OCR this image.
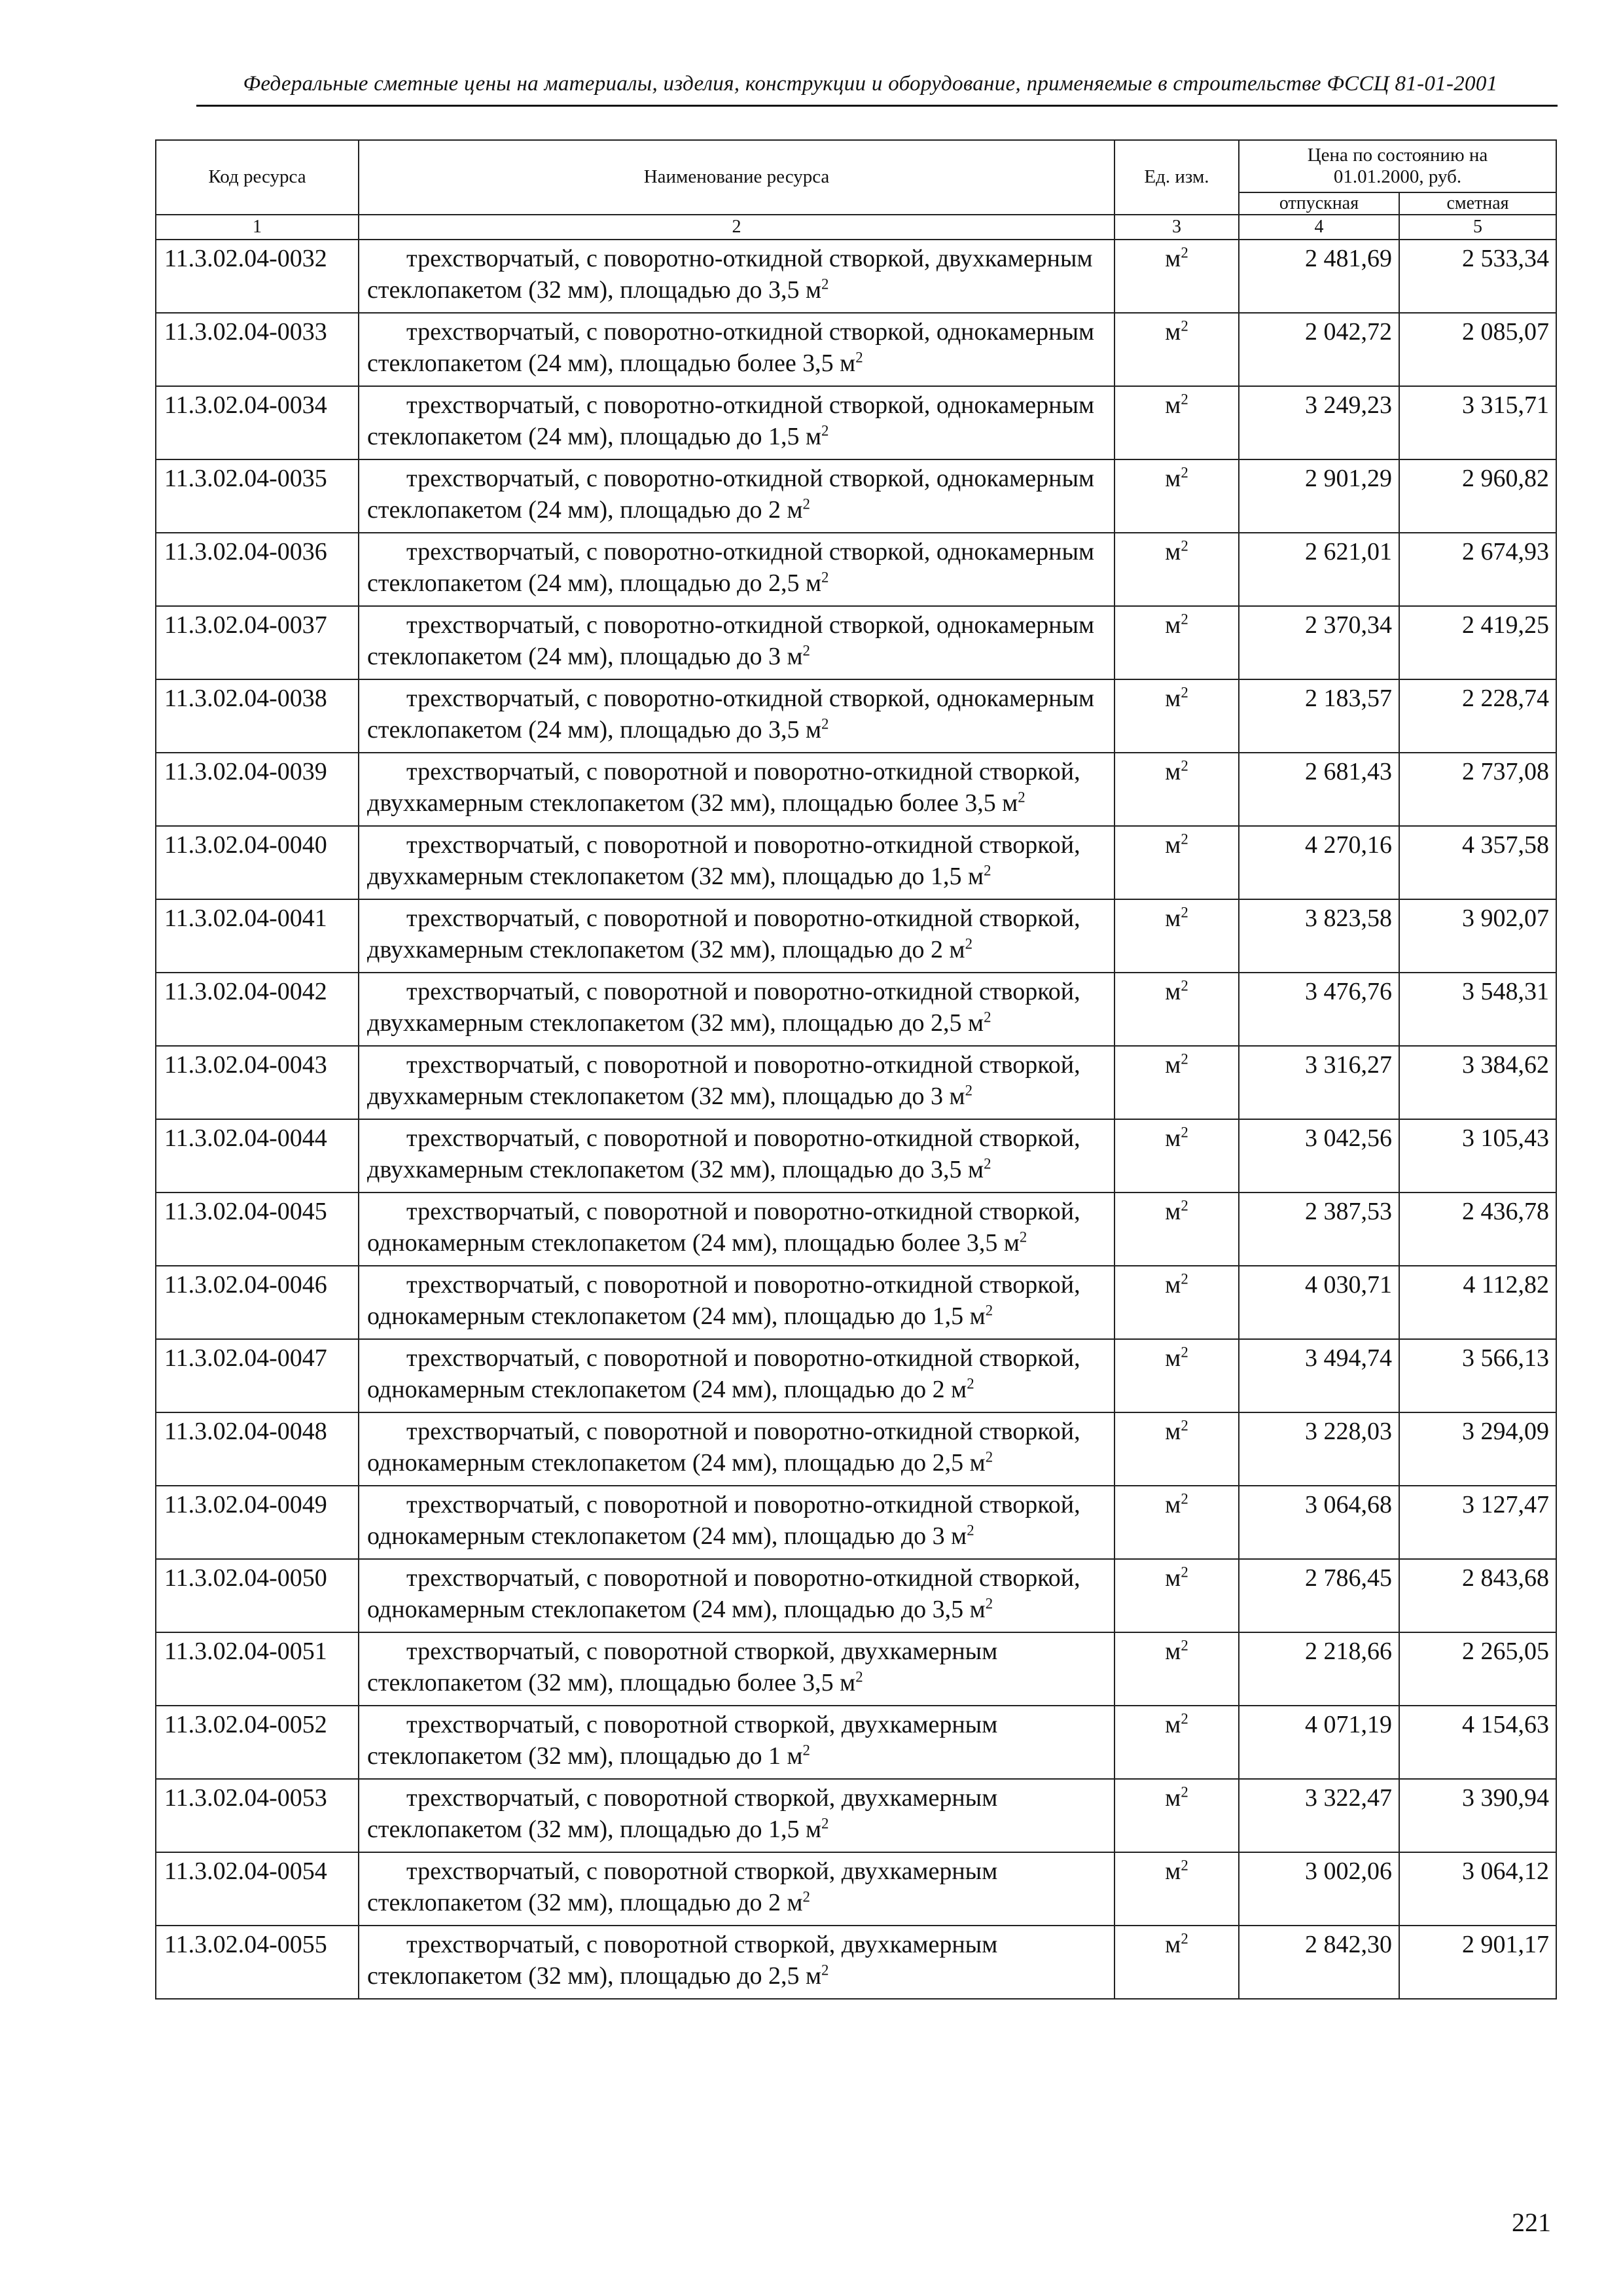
Федеральные сметные цены на материалы, изделия, конструкции и оборудование, применяемые в строительстве ФССЦ 81-01-2001
Код ресурса	Наименование ресурса	Ед. изм.	Цена по состоянию на 01.01.2000, руб.	
			отпускная	сметная
1	2	3	4	5
11.3.02.04-0032	трехстворчатый, с поворотно-откидной створкой, двухкамерным стеклопакетом (32 мм), площадью до 3,5 $м^2$	$м^2$	2 481,69	2 533,34
11.3.02.04-0033	трехстворчатый, с поворотно-откидной створкой, однокамерным стеклопакетом (24 мм), площадью более 3,5 $м^2$	$м^2$	2 042,72	2 085,07
11.3.02.04-0034	трехстворчатый, с поворотно-откидной створкой, однокамерным стеклопакетом (24 мм), площадью до 1,5 $м^2$	$м^2$	3 249,23	3 315,71
11.3.02.04-0035	трехстворчатый, с поворотно-откидной створкой, однокамерным стеклопакетом (24 мм), площадью до 2 $м^2$	$м^2$	2 901,29	2 960,82
11.3.02.04-0036	трехстворчатый, с поворотно-откидной створкой, однокамерным стеклопакетом (24 мм), площадью до 2,5 $м^2$	$м^2$	2 621,01	2 674,93
11.3.02.04-0037	трехстворчатый, с поворотно-откидной створкой, однокамерным стеклопакетом (24 мм), площадью до 3 $м^2$	$м^2$	2 370,34	2 419,25
11.3.02.04-0038	трехстворчатый, с поворотно-откидной створкой, однокамерным стеклопакетом (24 мм), площадью до 3,5 $м^2$	$м^2$	2 183,57	2 228,74
11.3.02.04-0039	трехстворчатый, с поворотной и поворотно-откидной створкой, двухкамерным стеклопакетом (32 мм), площадью более 3,5 $м^2$	$м^2$	2 681,43	2 737,08
11.3.02.04-0040	трехстворчатый, с поворотной и поворотно-откидной створкой, двухкамерным стеклопакетом (32 мм), площадью до 1,5 $м^2$	$м^2$	4 270,16	4 357,58
11.3.02.04-0041	трехстворчатый, с поворотной и поворотно-откидной створкой, двухкамерным стеклопакетом (32 мм), площадью до 2 $м^2$	$м^2$	3 823,58	3 902,07
11.3.02.04-0042	трехстворчатый, с поворотной и поворотно-откидной створкой, двухкамерным стеклопакетом (32 мм), площадью до 2,5 $м^2$	$м^2$	3 476,76	3 548,31
11.3.02.04-0043	трехстворчатый, с поворотной и поворотно-откидной створкой, двухкамерным стеклопакетом (32 мм), площадью до 3 $м^2$	$м^2$	3 316,27	3 384,62
11.3.02.04-0044	трехстворчатый, с поворотной и поворотно-откидной створкой, двухкамерным стеклопакетом (32 мм), площадью до 3,5 $м^2$	$м^2$	3 042,56	3 105,43
11.3.02.04-0045	трехстворчатый, с поворотной и поворотно-откидной створкой, однокамерным стеклопакетом (24 мм), площадью более 3,5 $м^2$	$м^2$	2 387,53	2 436,78
11.3.02.04-0046	трехстворчатый, с поворотной и поворотно-откидной створкой, однокамерным стеклопакетом (24 мм), площадью до 1,5 $м^2$	$м^2$	4 030,71	4 112,82
11.3.02.04-0047	трехстворчатый, с поворотной и поворотно-откидной створкой, однокамерным стеклопакетом (24 мм), площадью до 2 $м^2$	$м^2$	3 494,74	3 566,13
11.3.02.04-0048	трехстворчатый, с поворотной и поворотно-откидной створкой, однокамерным стеклопакетом (24 мм), площадью до 2,5 $м^2$	$м^2$	3 228,03	3 294,09
11.3.02.04-0049	трехстворчатый, с поворотной и поворотно-откидной створкой, однокамерным стеклопакетом (24 мм), площадью до 3 $м^2$	$м^2$	3 064,68	3 127,47
11.3.02.04-0050	трехстворчатый, с поворотной и поворотно-откидной створкой, однокамерным стеклопакетом (24 мм), площадью до 3,5 $м^2$	$м^2$	2 786,45	2 843,68
11.3.02.04-0051	трехстворчатый, с поворотной створкой, двухкамерным стеклопакетом (32 мм), площадью более 3,5 $м^2$	$м^2$	2 218,66	2 265,05
11.3.02.04-0052	трехстворчатый, с поворотной створкой, двухкамерным стеклопакетом (32 мм), площадью до 1 $м^2$	$м^2$	4 071,19	4 154,63
11.3.02.04-0053	трехстворчатый, с поворотной створкой, двухкамерным стеклопакетом (32 мм), площадью до 1,5 $м^2$	$м^2$	3 322,47	3 390,94
11.3.02.04-0054	трехстворчатый, с поворотной створкой, двухкамерным стеклопакетом (32 мм), площадью до 2 $м^2$	$м^2$	3 002,06	3 064,12
11.3.02.04-0055	трехстворчатый, с поворотной створкой, двухкамерным стеклопакетом (32 мм), площадью до 2,5 $м^2$	$м^2$	2 842,30	2 901,17
221
